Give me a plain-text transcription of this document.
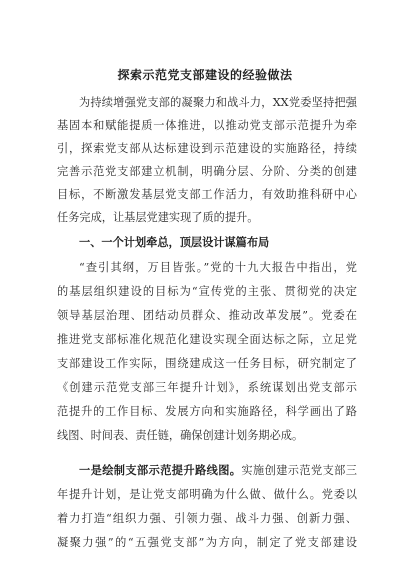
探索示范党支部建设的经验做法
为持续增强党支部的凝聚力和战斗力，XX党委坚持把强
基固本和赋能提质一体推进，以推动党支部示范提升为牵
引，探索党支部从达标建设到示范建设的实施路径，持续
完善示范党支部建立机制，明确分层、分阶、分类的创建
目标，不断激发基层党支部工作活力，有效助推科研中心
任务完成，让基层党建实现了质的提升。
一、一个计划牵总，顶层设计谋篇布局
“查引其纲，万目皆张。”党的十九大报告中指出，党
的基层组织建设的目标为“宣传党的主张、贯彻党的决定
领导基层治理、团结动员群众、推动改革发展”。党委在
推进党支部标准化规范化建设实现全面达标之际，立足党
支部建设工作实际，围绕建成这一任务目标，研究制定了
《创建示范党支部三年提升计划》，系统谋划出党支部示
范提升的工作目标、发展方向和实施路径，科学画出了路
线图、时间表、责任链，确保创建计划务期必成。
一是绘制支部示范提升路线图。实施创建示范党支部三
年提升计划，是让党支部明确为什么做、做什么。党委以
着力打造“组织力强、引领力强、战斗力强、创新力强、
凝聚力强”的“五强党支部”为方向，制定了党支部建设
